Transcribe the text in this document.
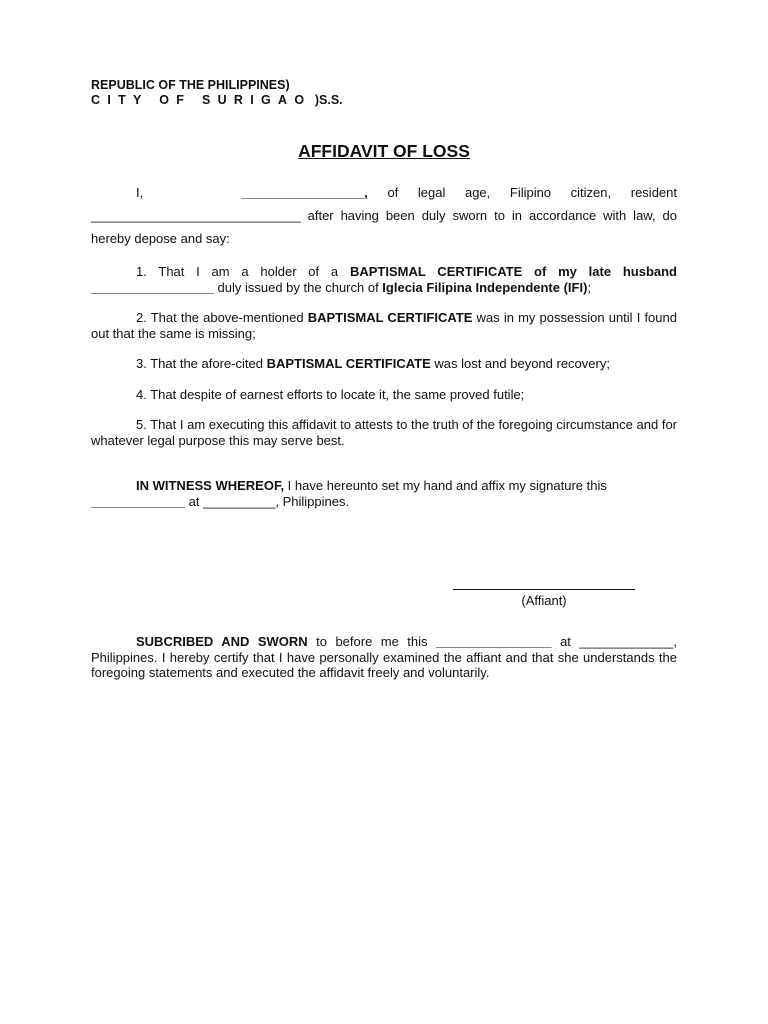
REPUBLIC OF THE PHILIPPINES)
CITY OF SURIGAO )S.S.
AFFIDAVIT OF LOSS

I,	_________________, of legal age, Filipino citizen, resident _____________________________ after having been duly sworn to in accordance with law, do hereby depose and say:

1. That I am a holder of a BAPTISMAL CERTIFICATE of my late husband _________________ duly issued by the church of Iglecia Filipina Independente (IFI);

2. That the above-mentioned BAPTISMAL CERTIFICATE was in my possession until I found out that the same is missing;

3. That the afore-cited BAPTISMAL CERTIFICATE was lost and beyond recovery;

4. That despite of earnest efforts to locate it, the same proved futile;

5. That I am executing this affidavit to attests to the truth of the foregoing circumstance and for whatever legal purpose this may serve best.

IN WITNESS WHEREOF, I have hereunto set my hand and affix my signature this _____________ at __________, Philippines.

(Affiant)

SUBCRIBED AND SWORN to before me this ________________ at _____________, Philippines. I hereby certify that I have personally examined the affiant and that she understands the foregoing statements and executed the affidavit freely and voluntarily.
